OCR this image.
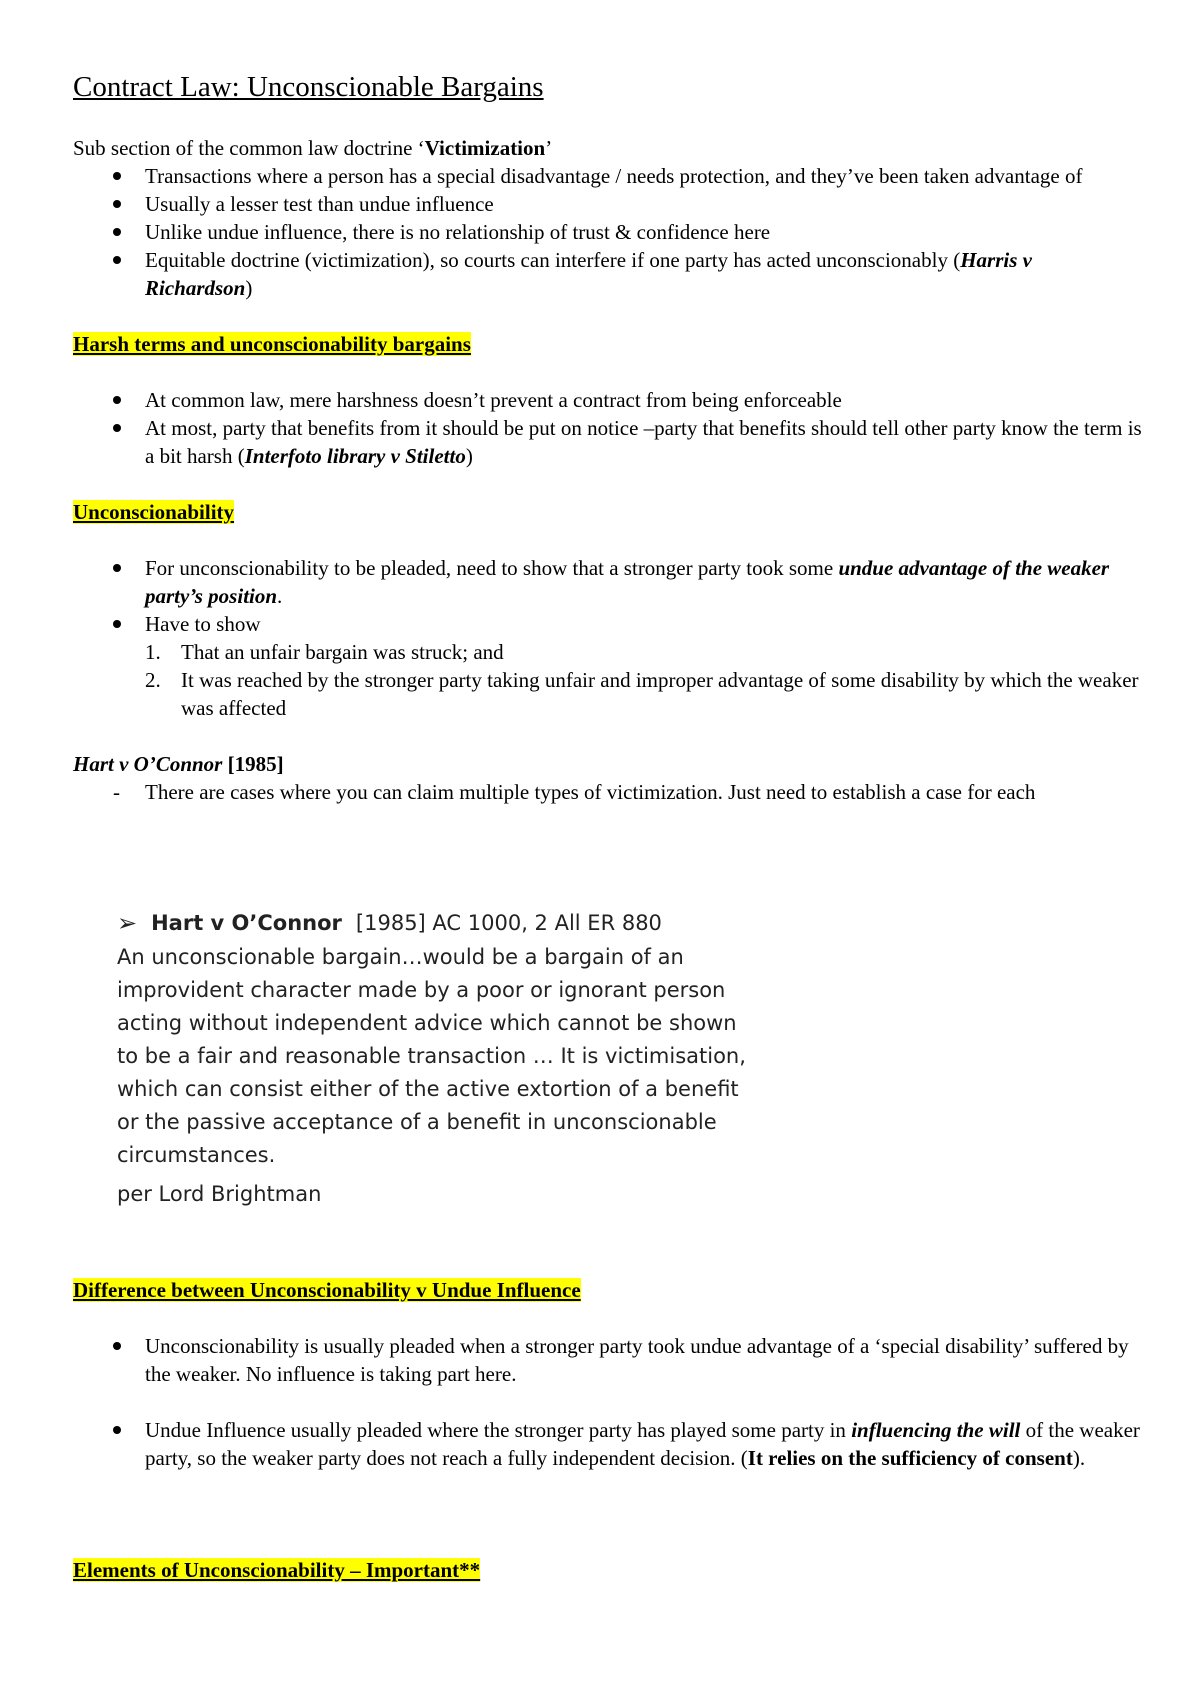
Contract Law: Unconscionable Bargains

Sub section of the common law doctrine ‘Victimization’

Transactions where a person has a special disadvantage / needs protection, and they’ve been taken advantage of
Usually a lesser test than undue influence
Unlike undue influence, there is no relationship of trust & confidence here
Equitable doctrine (victimization), so courts can interfere if one party has acted unconscionably (Harris v Richardson)

Harsh terms and unconscionability bargains

At common law, mere harshness doesn’t prevent a contract from being enforceable
At most, party that benefits from it should be put on notice –party that benefits should tell other party know the term is a bit harsh (Interfoto library v Stiletto)

Unconscionability

For unconscionability to be pleaded, need to show that a stronger party took some undue advantage of the weaker party’s position.
Have to show
1. That an unfair bargain was struck; and
2. It was reached by the stronger party taking unfair and improper advantage of some disability by which the weaker was affected

Hart v O’Connor [1985]

- There are cases where you can claim multiple types of victimization. Just need to establish a case for each
➢ Hart v O’Connor [1985] AC 1000, 2 All ER 880
An unconscionable bargain…would be a bargain of an
improvident character made by a poor or ignorant person
acting without independent advice which cannot be shown
to be a fair and reasonable transaction … It is victimisation,
which can consist either of the active extortion of a benefit
or the passive acceptance of a benefit in unconscionable
circumstances.
per Lord Brightman

Difference between Unconscionability v Undue Influence

Unconscionability is usually pleaded when a stronger party took undue advantage of a ‘special disability’ suffered by the weaker. No influence is taking part here.
Undue Influence usually pleaded where the stronger party has played some party in influencing the will of the weaker party, so the weaker party does not reach a fully independent decision. (It relies on the sufficiency of consent).

Elements of Unconscionability – Important**
